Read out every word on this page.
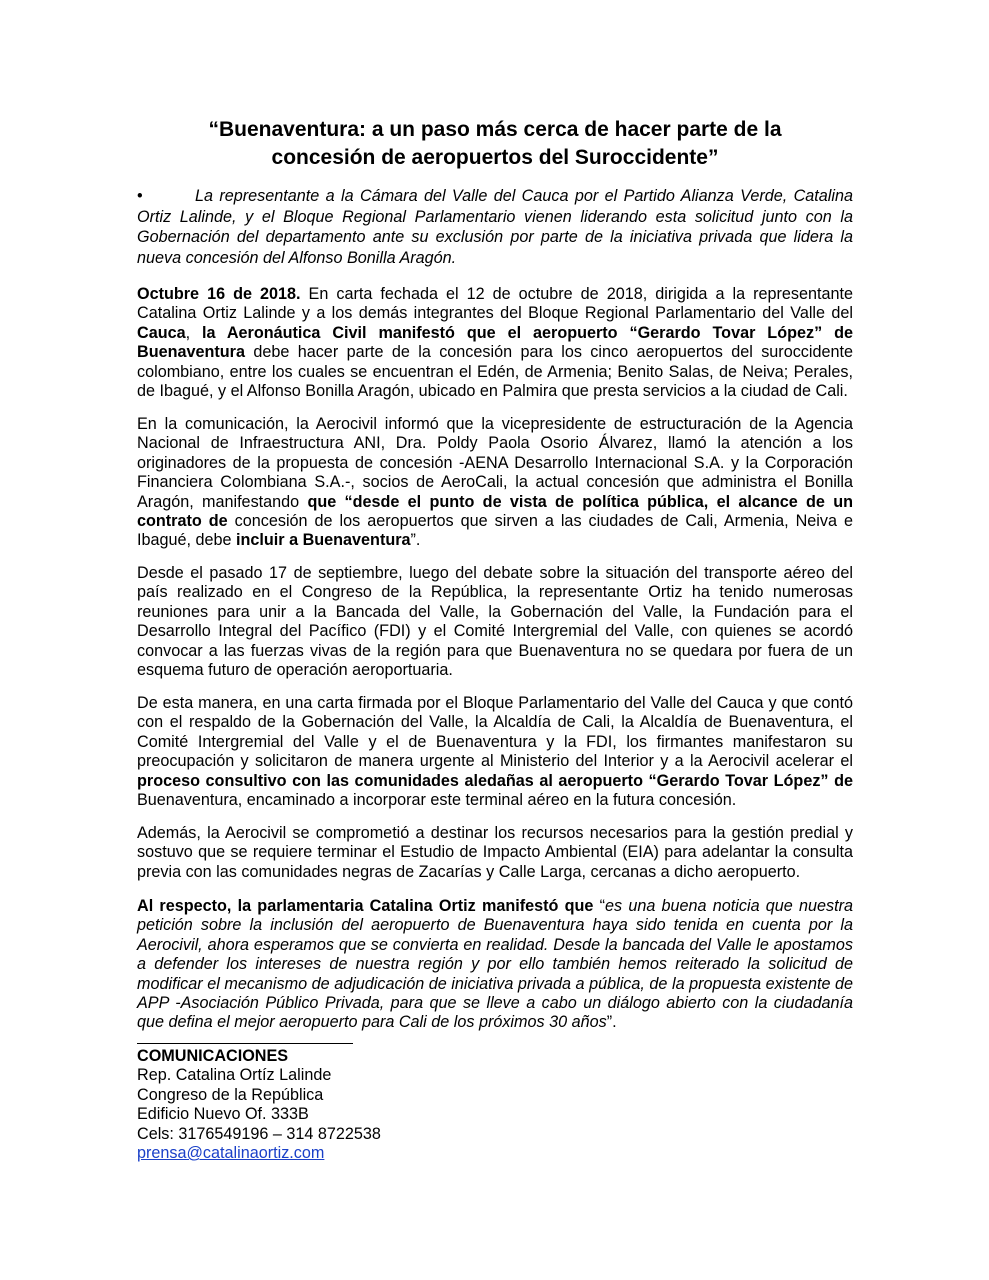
“Buenaventura: a un paso más cerca de hacer parte de la
concesión de aeropuertos del Suroccidente”

•	La representante a la Cámara del Valle del Cauca por el Partido Alianza Verde, Catalina Ortiz Lalinde, y el Bloque Regional Parlamentario vienen liderando esta solicitud junto con la Gobernación del departamento ante su exclusión por parte de la iniciativa privada que lidera la nueva concesión del Alfonso Bonilla Aragón.

Octubre 16 de 2018. En carta fechada el 12 de octubre de 2018, dirigida a la representante Catalina Ortiz Lalinde y a los demás integrantes del Bloque Regional Parlamentario del Valle del Cauca, la Aeronáutica Civil manifestó que el aeropuerto “Gerardo Tovar López” de Buenaventura debe hacer parte de la concesión para los cinco aeropuertos del suroccidente colombiano, entre los cuales se encuentran el Edén, de Armenia; Benito Salas, de Neiva; Perales, de Ibagué, y el Alfonso Bonilla Aragón, ubicado en Palmira que presta servicios a la ciudad de Cali.

En la comunicación, la Aerocivil informó que la vicepresidente de estructuración de la Agencia Nacional de Infraestructura ANI, Dra. Poldy Paola Osorio Álvarez, llamó la atención a los originadores de la propuesta de concesión -AENA Desarrollo Internacional S.A. y la Corporación Financiera Colombiana S.A.-, socios de AeroCali, la actual concesión que administra el Bonilla Aragón, manifestando que “desde el punto de vista de política pública, el alcance de un contrato de concesión de los aeropuertos que sirven a las ciudades de Cali, Armenia, Neiva e Ibagué, debe incluir a Buenaventura”.

Desde el pasado 17 de septiembre, luego del debate sobre la situación del transporte aéreo del país realizado en el Congreso de la República, la representante Ortiz ha tenido numerosas reuniones para unir a la Bancada del Valle, la Gobernación del Valle, la Fundación para el Desarrollo Integral del Pacífico (FDI) y el Comité Intergremial del Valle, con quienes se acordó convocar a las fuerzas vivas de la región para que Buenaventura no se quedara por fuera de un esquema futuro de operación aeroportuaria.

De esta manera, en una carta firmada por el Bloque Parlamentario del Valle del Cauca y que contó con el respaldo de la Gobernación del Valle, la Alcaldía de Cali, la Alcaldía de Buenaventura, el Comité Intergremial del Valle y el de Buenaventura y la FDI, los firmantes manifestaron su preocupación y solicitaron de manera urgente al Ministerio del Interior y a la Aerocivil acelerar el proceso consultivo con las comunidades aledañas al aeropuerto “Gerardo Tovar López” de Buenaventura, encaminado a incorporar este terminal aéreo en la futura concesión.

Además, la Aerocivil se comprometió a destinar los recursos necesarios para la gestión predial y sostuvo que se requiere terminar el Estudio de Impacto Ambiental (EIA) para adelantar la consulta previa con las comunidades negras de Zacarías y Calle Larga, cercanas a dicho aeropuerto.

Al respecto, la parlamentaria Catalina Ortiz manifestó que “es una buena noticia que nuestra petición sobre la inclusión del aeropuerto de Buenaventura haya sido tenida en cuenta por la Aerocivil, ahora esperamos que se convierta en realidad. Desde la bancada del Valle le apostamos a defender los intereses de nuestra región y por ello también hemos reiterado la solicitud de modificar el mecanismo de adjudicación de iniciativa privada a pública, de la propuesta existente de APP -Asociación Público Privada, para que se lleve a cabo un diálogo abierto con la ciudadanía que defina el mejor aeropuerto para Cali de los próximos 30 años”.

COMUNICACIONES
Rep. Catalina Ortíz Lalinde
Congreso de la República
Edificio Nuevo Of. 333B
Cels: 3176549196 – 314 8722538
prensa@catalinaortiz.com
